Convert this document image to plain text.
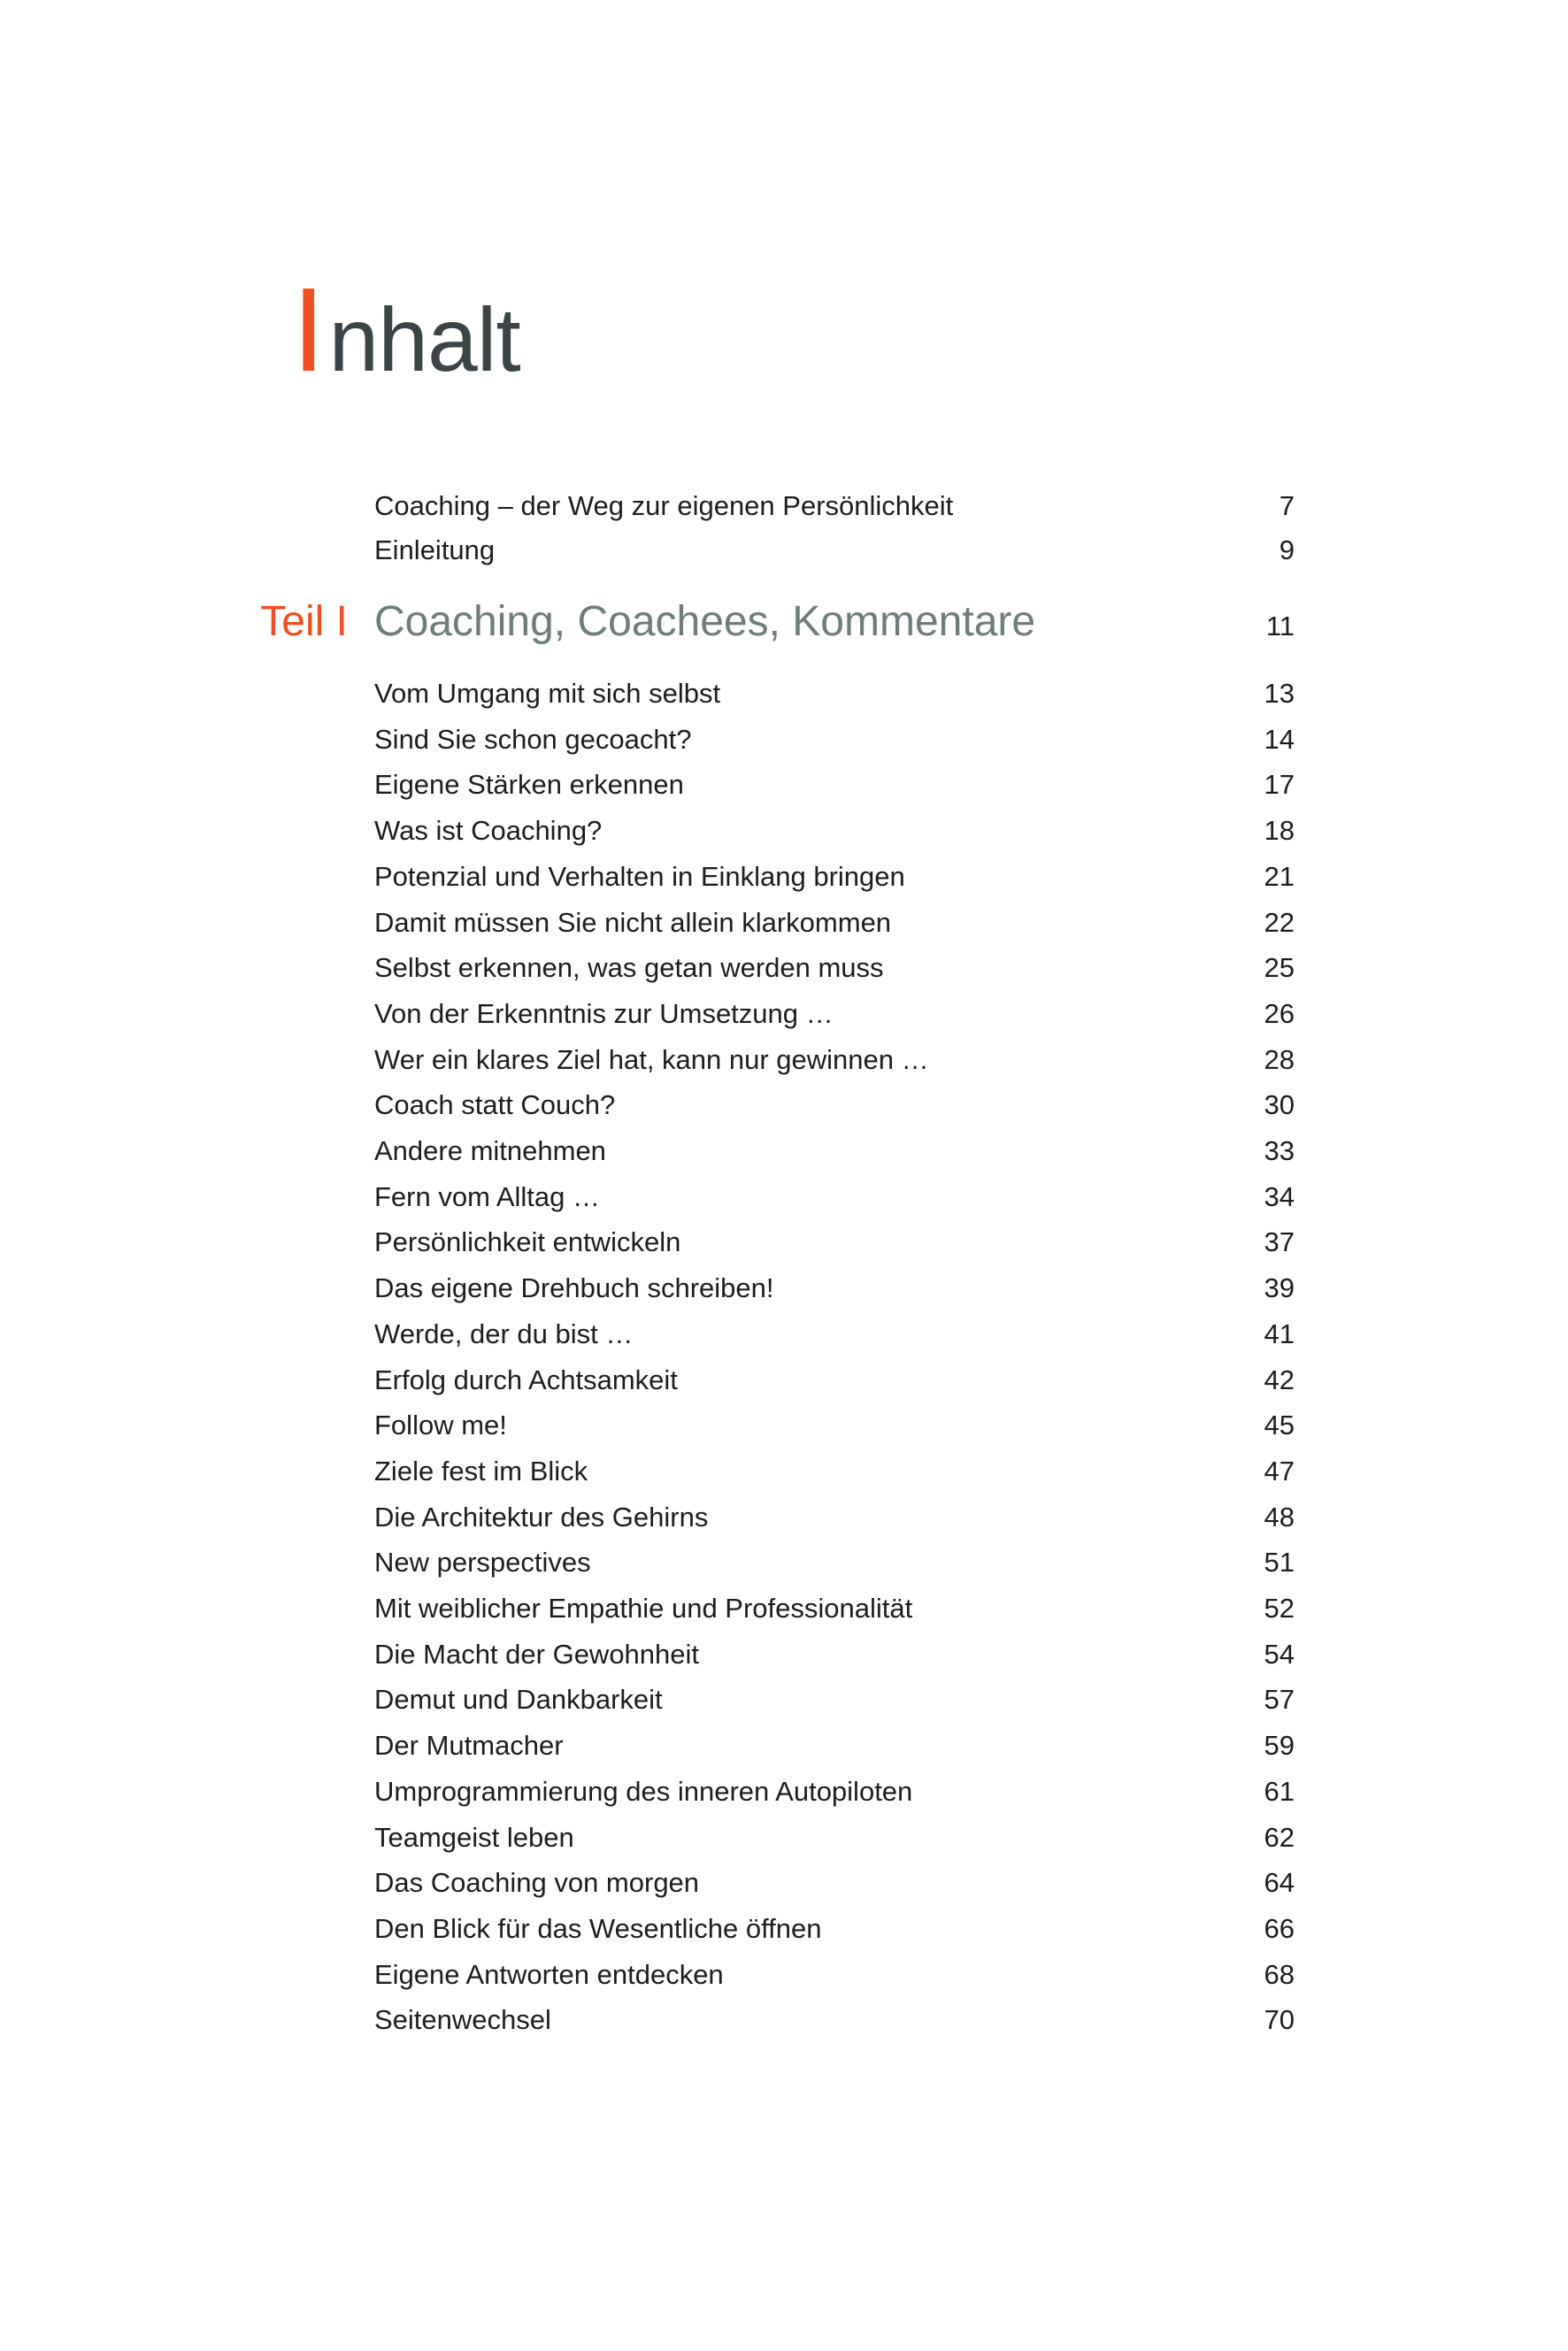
Inhalt
Coaching – der Weg zur eigenen Persönlichkeit	7
Einleitung	9
Teil I Coaching, Coachees, Kommentare	11
Vom Umgang mit sich selbst	13
Sind Sie schon gecoacht?	14
Eigene Stärken erkennen	17
Was ist Coaching?	18
Potenzial und Verhalten in Einklang bringen	21
Damit müssen Sie nicht allein klarkommen	22
Selbst erkennen, was getan werden muss	25
Von der Erkenntnis zur Umsetzung …	26
Wer ein klares Ziel hat, kann nur gewinnen …	28
Coach statt Couch?	30
Andere mitnehmen	33
Fern vom Alltag …	34
Persönlichkeit entwickeln	37
Das eigene Drehbuch schreiben!	39
Werde, der du bist …	41
Erfolg durch Achtsamkeit	42
Follow me!	45
Ziele fest im Blick	47
Die Architektur des Gehirns	48
New perspectives	51
Mit weiblicher Empathie und Professionalität	52
Die Macht der Gewohnheit	54
Demut und Dankbarkeit	57
Der Mutmacher	59
Umprogrammierung des inneren Autopiloten	61
Teamgeist leben	62
Das Coaching von morgen	64
Den Blick für das Wesentliche öffnen	66
Eigene Antworten entdecken	68
Seitenwechsel	70
